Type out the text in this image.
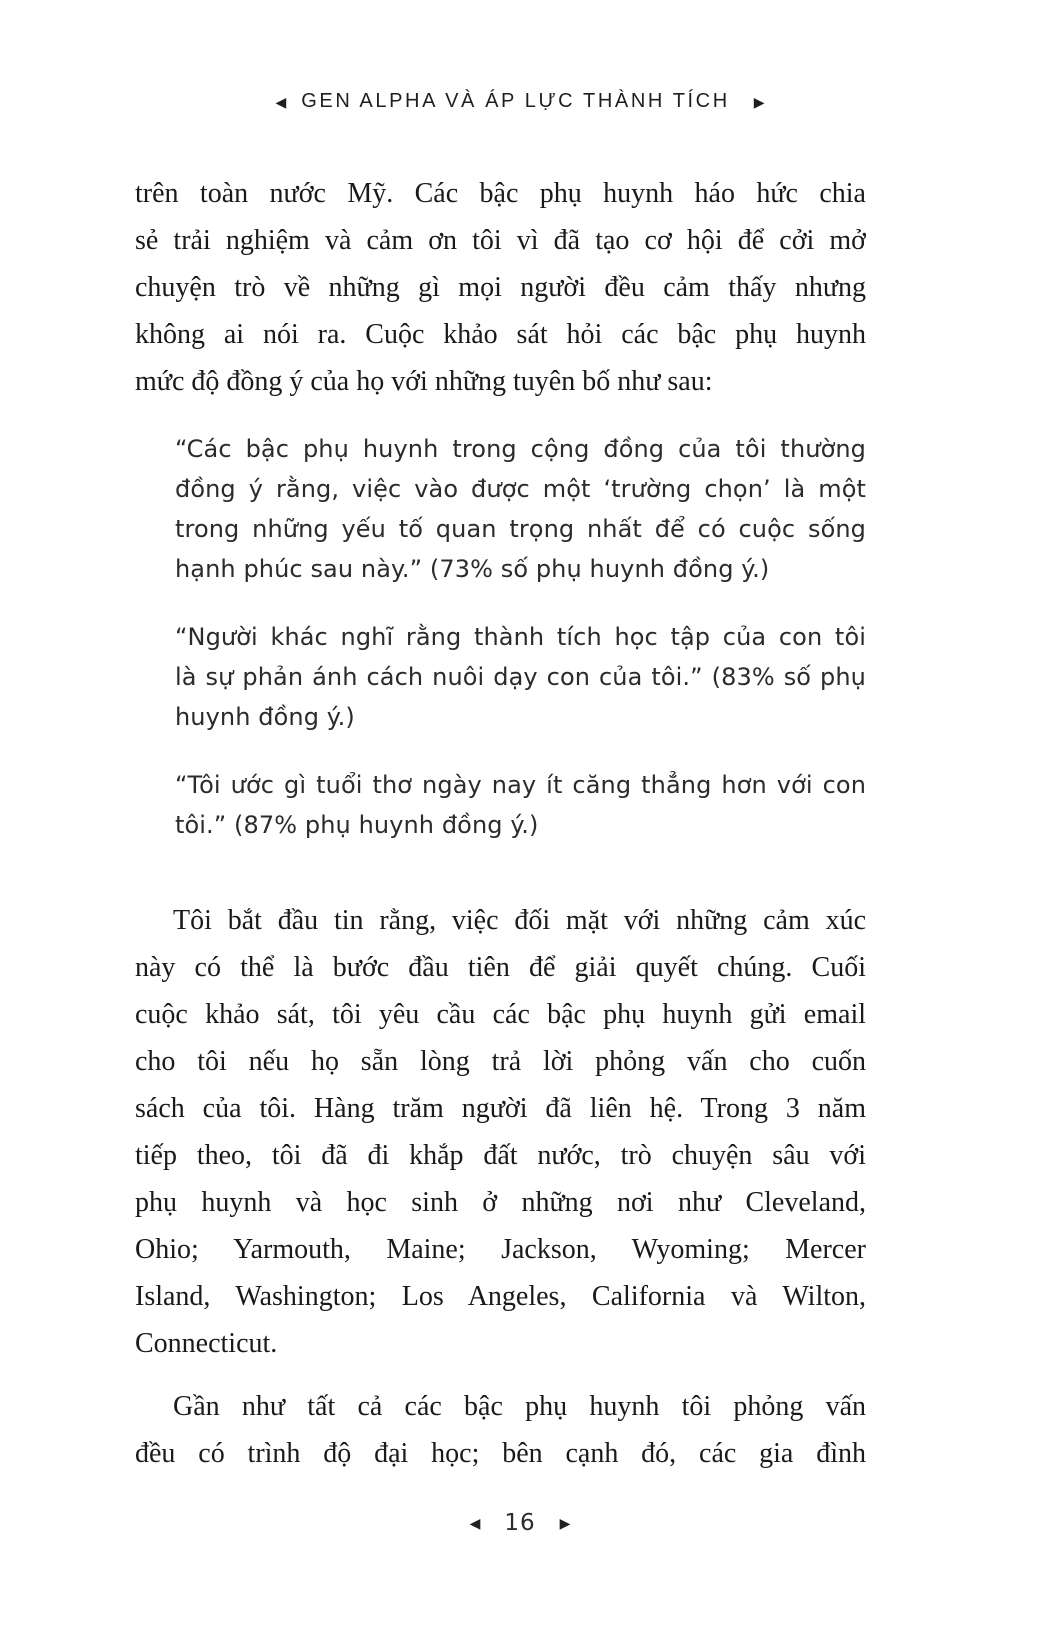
◀ GEN ALPHA VÀ ÁP LỰC THÀNH TÍCH ▶
trên toàn nước Mỹ. Các bậc phụ huynh háo hức chia
sẻ trải nghiệm và cảm ơn tôi vì đã tạo cơ hội để cởi mở
chuyện trò về những gì mọi người đều cảm thấy nhưng
không ai nói ra. Cuộc khảo sát hỏi các bậc phụ huynh
mức độ đồng ý của họ với những tuyên bố như sau:
“Các bậc phụ huynh trong cộng đồng của tôi thường
đồng ý rằng, việc vào được một ‘trường chọn’ là một
trong những yếu tố quan trọng nhất để có cuộc sống
hạnh phúc sau này.” (73% số phụ huynh đồng ý.)
“Người khác nghĩ rằng thành tích học tập của con tôi
là sự phản ánh cách nuôi dạy con của tôi.” (83% số phụ
huynh đồng ý.)
“Tôi ước gì tuổi thơ ngày nay ít căng thẳng hơn với con
tôi.” (87% phụ huynh đồng ý.)
Tôi bắt đầu tin rằng, việc đối mặt với những cảm xúc
này có thể là bước đầu tiên để giải quyết chúng. Cuối
cuộc khảo sát, tôi yêu cầu các bậc phụ huynh gửi email
cho tôi nếu họ sẵn lòng trả lời phỏng vấn cho cuốn
sách của tôi. Hàng trăm người đã liên hệ. Trong 3 năm
tiếp theo, tôi đã đi khắp đất nước, trò chuyện sâu với
phụ huynh và học sinh ở những nơi như Cleveland,
Ohio; Yarmouth, Maine; Jackson, Wyoming; Mercer
Island, Washington; Los Angeles, California và Wilton,
Connecticut.
Gần như tất cả các bậc phụ huynh tôi phỏng vấn
đều có trình độ đại học; bên cạnh đó, các gia đình
◀ 16 ▶
